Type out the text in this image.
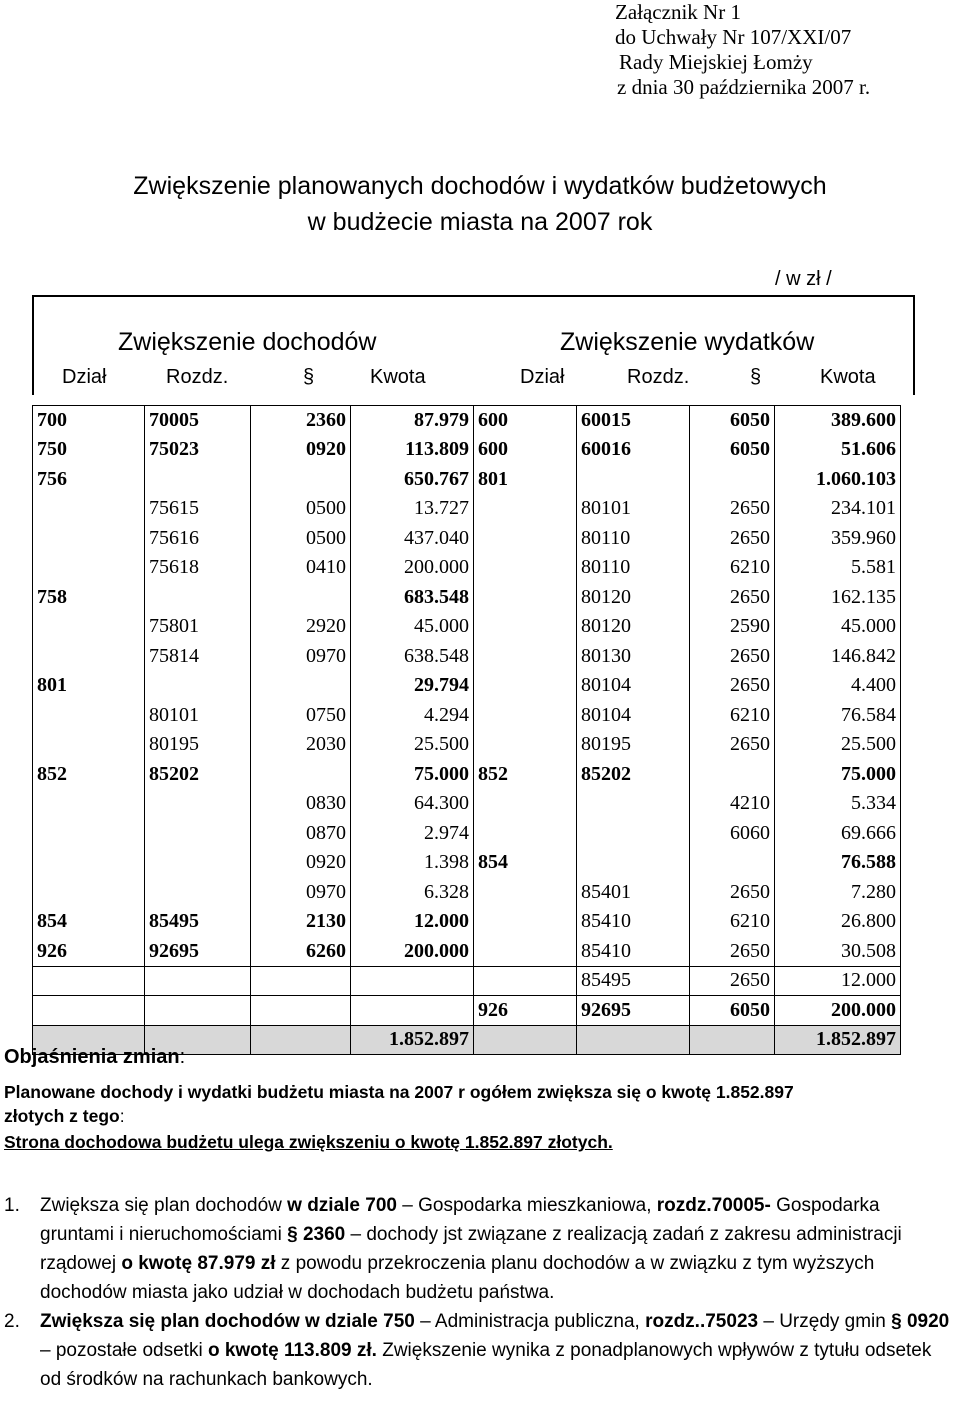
Załącznik Nr 1
do Uchwały Nr 107/XXI/07
Rady Miejskiej Łomży
z dnia 30 października 2007 r.
Zwiększenie planowanych dochodów i wydatków budżetowych
w budżecie miasta na 2007 rok
/ w zł /
Zwiększenie dochodów	Zwiększenie wydatków
Dział	Rozdz.	§	Kwota	Dział	Rozdz.	§	Kwota
700	70005	2360	87.979	600	60015	6050	389.600
750	75023	0920	113.809	600	60016	6050	51.606
756			650.767	801			1.060.103
	75615	0500	13.727		80101	2650	234.101
	75616	0500	437.040		80110	2650	359.960
	75618	0410	200.000		80110	6210	5.581
758			683.548		80120	2650	162.135
	75801	2920	45.000		80120	2590	45.000
	75814	0970	638.548		80130	2650	146.842
801			29.794		80104	2650	4.400
	80101	0750	4.294		80104	6210	76.584
	80195	2030	25.500		80195	2650	25.500
852	85202		75.000	852	85202		75.000
		0830	64.300			4210	5.334
		0870	2.974			6060	69.666
		0920	1.398	854			76.588
		0970	6.328		85401	2650	7.280
854	85495	2130	12.000		85410	6210	26.800
926	92695	6260	200.000		85410	2650	30.508
					85495	2650	12.000
				926	92695	6050	200.000
			1.852.897				1.852.897
Objaśnienia zmian:
Planowane dochody i wydatki budżetu miasta na 2007 r ogółem zwiększa się o kwotę 1.852.897
złotych z tego:
Strona dochodowa budżetu ulega zwiększeniu o kwotę 1.852.897 złotych.
1. Zwiększa się plan dochodów w dziale 700 – Gospodarka mieszkaniowa, rozdz.70005- Gospodarka gruntami i nieruchomościami § 2360 – dochody jst związane z realizacją zadań z zakresu administracji rządowej o kwotę 87.979 zł z powodu przekroczenia planu dochodów a w związku z tym wyższych dochodów miasta jako udział w dochodach budżetu państwa.
2. Zwiększa się plan dochodów w dziale 750 – Administracja publiczna, rozdz..75023 – Urzędy gmin § 0920 – pozostałe odsetki o kwotę 113.809 zł. Zwiększenie wynika z ponadplanowych wpływów z tytułu odsetek od środków na rachunkach bankowych.
